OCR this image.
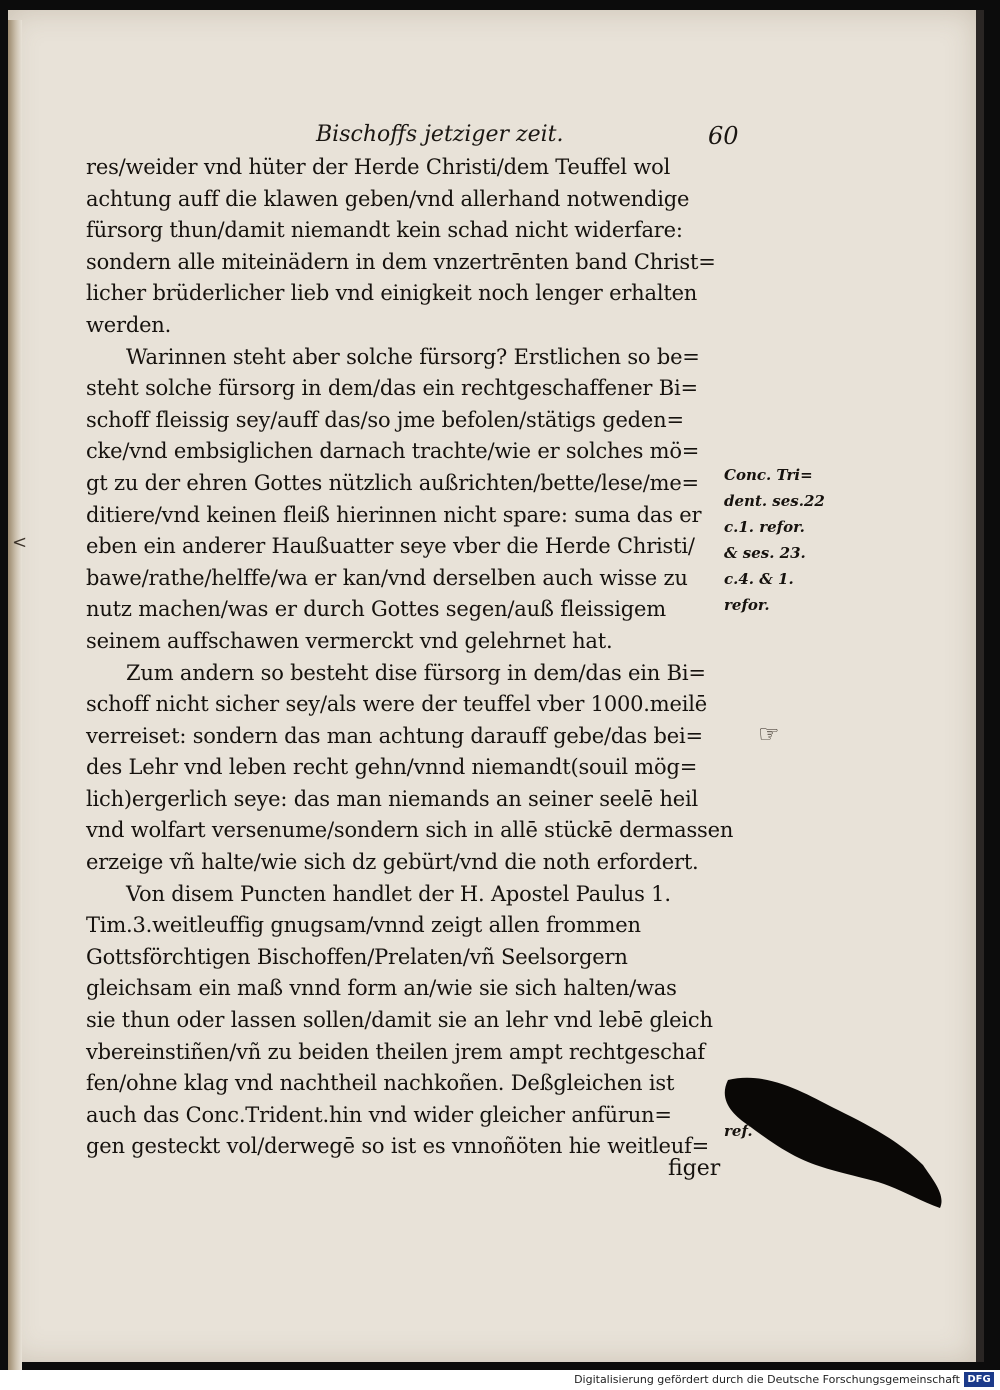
<
Bischoffs jetziger zeit.	60
res/weider vnd hüter der Herde Christi/dem Teuffel wol
achtung auff die klawen geben/vnd allerhand notwendige
fürsorg thun/damit niemandt kein schad nicht widerfare:
sondern alle miteinädern in dem vnzertrēnten band Christ=
licher brüderlicher lieb vnd einigkeit noch lenger erhalten
werden.
Warinnen steht aber solche fürsorg? Erstlichen so be=
steht solche fürsorg in dem/das ein rechtgeschaffener Bi=
schoff fleissig sey/auff das/so jme befolen/stätigs geden=
cke/vnd embsiglichen darnach trachte/wie er solches mö=
gt zu der ehren Gottes nützlich außrichten/bette/lese/me=
ditiere/vnd keinen fleiß hierinnen nicht spare: suma das er
eben ein anderer Haußuatter seye vber die Herde Christi/
bawe/rathe/helffe/wa er kan/vnd derselben auch wisse zu
nutz machen/was er durch Gottes segen/auß fleissigem
seinem auffschawen vermerckt vnd gelehrnet hat.
Zum andern so besteht dise fürsorg in dem/das ein Bi=
schoff nicht sicher sey/als were der teuffel vber 1000.meilē
verreiset: sondern das man achtung darauff gebe/das bei=
des Lehr vnd leben recht gehn/vnnd niemandt(souil mög=
lich)ergerlich seye: das man niemands an seiner seelē heil
vnd wolfart versenume/sondern sich in allē stückē dermassen
erzeige vñ halte/wie sich dz gebürt/vnd die noth erfordert.
Von disem Puncten handlet der H. Apostel Paulus 1.
Tim.3.weitleuffig gnugsam/vnnd zeigt allen frommen
Gottsförchtigen Bischoffen/Prelaten/vñ Seelsorgern
gleichsam ein maß vnnd form an/wie sie sich halten/was
sie thun oder lassen sollen/damit sie an lehr vnd lebē gleich
vbereinstiñen/vñ zu beiden theilen jrem ampt rechtgeschaf
fen/ohne klag vnd nachtheil nachkoñen. Deßgleichen ist
auch das Conc.Trident.hin vnd wider gleicher anfürun=
gen gesteckt vol/derwegē so ist es vnnoñöten hie weitleuf=
Conc. Tri=
dent. ses.22
c.1. refor.
& ses. 23.
c.4. & 1.
refor.
☞
ref.
figer
Digitalisierung gefördert durch die Deutsche Forschungsgemeinschaft DFG
